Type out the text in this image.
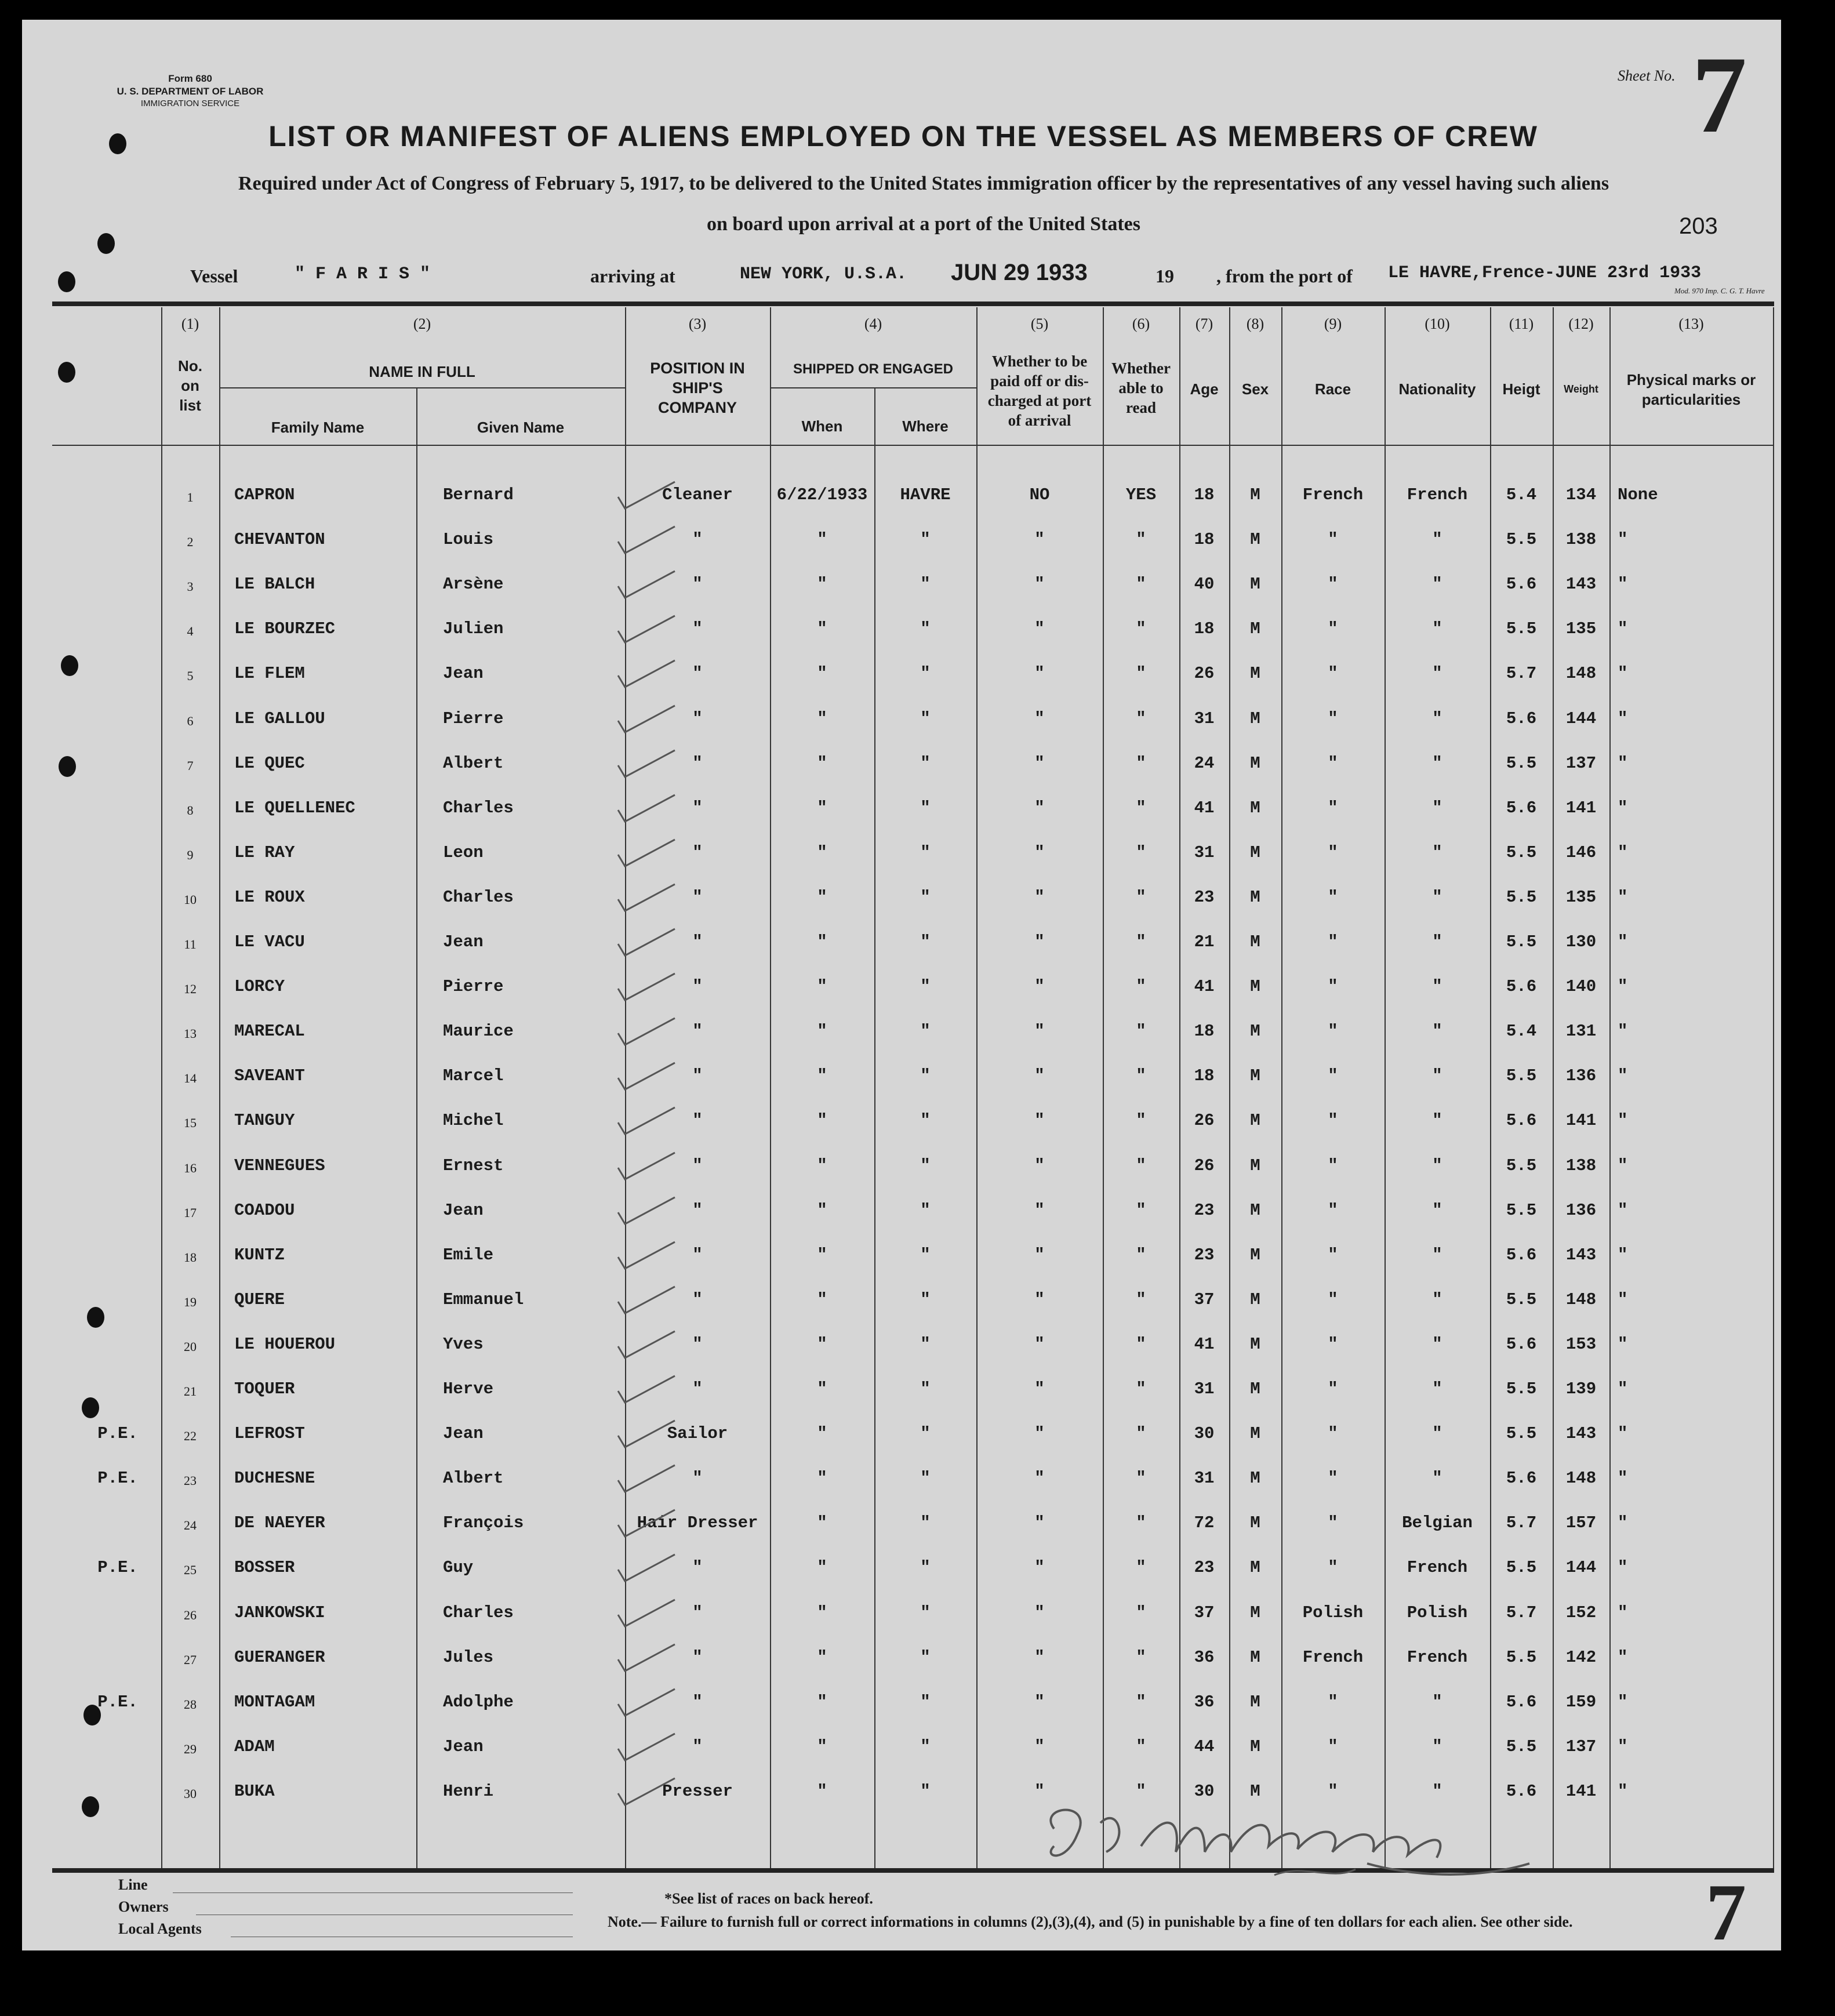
Form 680
U. S. DEPARTMENT OF LABOR
IMMIGRATION SERVICE
Sheet No. 7
LIST OR MANIFEST OF ALIENS EMPLOYED ON THE VESSEL AS MEMBERS OF CREW
Required under Act of Congress of February 5, 1917, to be delivered to the United States immigration officer by the representatives of any vessel having such aliens
on board upon arrival at a port of the United States	203
Vessel	" F A R I S "	arriving at	NEW YORK, U.S.A. JUN 29 1933	19 , from the port of LE HAVRE,Frence-JUNE 23rd 1933
Mod. 970 Imp. C. G. T. Havre
(1)
No. on list
(2)
NAME IN FULL
Family Name	Given Name
(3)
POSITION IN SHIP'S COMPANY
(4)
SHIPPED OR ENGAGED
When	Where
(5)
Whether to be paid off or dis-charged at port of arrival
(6)
Whether able to read
(7)
Age
(8)
Sex
(9)
Race
(10)
Nationality
(11)
Heigt
(12)
Weight
(13)
Physical marks or particularities
1	CAPRON	Bernard	Cleaner	6/22/1933	HAVRE	NO	YES	18	M	French	French	5.4	134	None
2	CHEVANTON	Louis	"	"	"	"	"	18	M	"	"	5.5	138	"
3	LE BALCH	Arsène	"	"	"	"	"	40	M	"	"	5.6	143	"
4	LE BOURZEC	Julien	"	"	"	"	"	18	M	"	"	5.5	135	"
5	LE FLEM	Jean	"	"	"	"	"	26	M	"	"	5.7	148	"
6	LE GALLOU	Pierre	"	"	"	"	"	31	M	"	"	5.6	144	"
7	LE QUEC	Albert	"	"	"	"	"	24	M	"	"	5.5	137	"
8	LE QUELLENEC	Charles	"	"	"	"	"	41	M	"	"	5.6	141	"
9	LE RAY	Leon	"	"	"	"	"	31	M	"	"	5.5	146	"
10	LE ROUX	Charles	"	"	"	"	"	23	M	"	"	5.5	135	"
11	LE VACU	Jean	"	"	"	"	"	21	M	"	"	5.5	130	"
12	LORCY	Pierre	"	"	"	"	"	41	M	"	"	5.6	140	"
13	MARECAL	Maurice	"	"	"	"	"	18	M	"	"	5.4	131	"
14	SAVEANT	Marcel	"	"	"	"	"	18	M	"	"	5.5	136	"
15	TANGUY	Michel	"	"	"	"	"	26	M	"	"	5.6	141	"
16	VENNEGUES	Ernest	"	"	"	"	"	26	M	"	"	5.5	138	"
17	COADOU	Jean	"	"	"	"	"	23	M	"	"	5.5	136	"
18	KUNTZ	Emile	"	"	"	"	"	23	M	"	"	5.6	143	"
19	QUERE	Emmanuel	"	"	"	"	"	37	M	"	"	5.5	148	"
20	LE HOUEROU	Yves	"	"	"	"	"	41	M	"	"	5.6	153	"
21	TOQUER	Herve	"	"	"	"	"	31	M	"	"	5.5	139	"
P.E.	22	LEFROST	Jean	Sailor	"	"	"	"	30	M	"	"	5.5	143	"
P.E.	23	DUCHESNE	Albert	"	"	"	"	"	31	M	"	"	5.6	148	"
24	DE NAEYER	François	Hair Dresser	"	"	"	"	72	M	"	Belgian	5.7	157	"
P.E.	25	BOSSER	Guy	"	"	"	"	"	23	M	"	French	5.5	144	"
26	JANKOWSKI	Charles	"	"	"	"	"	37	M	Polish	Polish	5.7	152	"
27	GUERANGER	Jules	"	"	"	"	"	36	M	French	French	5.5	142	"
P.E.	28	MONTAGAM	Adolphe	"	"	"	"	"	36	M	"	"	5.6	159	"
29	ADAM	Jean	"	"	"	"	"	44	M	"	"	5.5	137	"
30	BUKA	Henri	Presser	"	"	"	"	30	M	"	"	5.6	141	"
Line
Owners
Local Agents
*See list of races on back hereof.
Note.— Failure to furnish full or correct informations in columns (2),(3),(4), and (5) in punishable by a fine of ten dollars for each alien. See other side. 7
